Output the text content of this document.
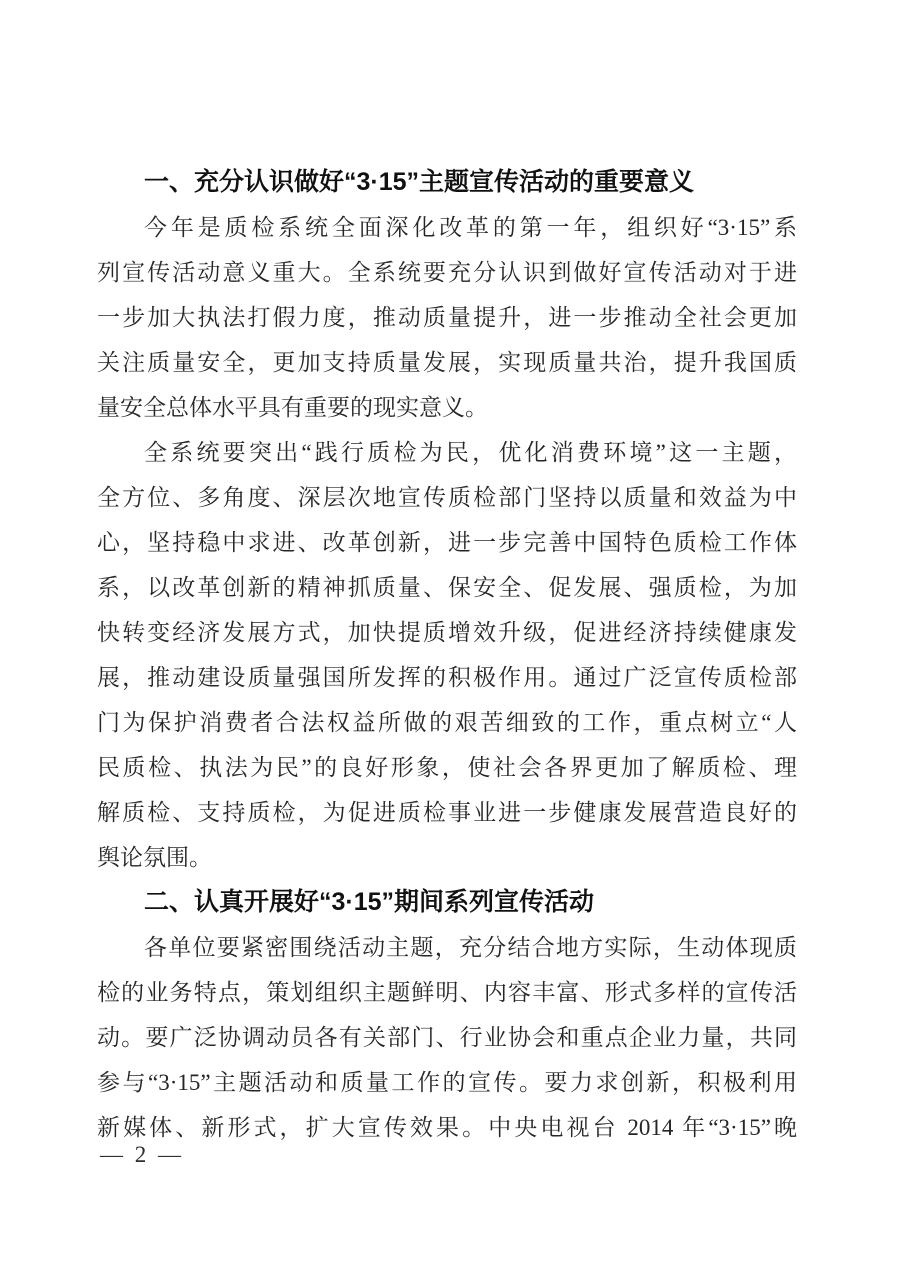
一、充分认识做好“3·15”主题宣传活动的重要意义
今年是质检系统全面深化改革的第一年，组织好“3·15”系
列宣传活动意义重大。全系统要充分认识到做好宣传活动对于进
一步加大执法打假力度，推动质量提升，进一步推动全社会更加
关注质量安全，更加支持质量发展，实现质量共治，提升我国质
量安全总体水平具有重要的现实意义。
全系统要突出“践行质检为民，优化消费环境”这一主题，
全方位、多角度、深层次地宣传质检部门坚持以质量和效益为中
心，坚持稳中求进、改革创新，进一步完善中国特色质检工作体
系，以改革创新的精神抓质量、保安全、促发展、强质检，为加
快转变经济发展方式，加快提质增效升级，促进经济持续健康发
展，推动建设质量强国所发挥的积极作用。通过广泛宣传质检部
门为保护消费者合法权益所做的艰苦细致的工作，重点树立“人
民质检、执法为民”的良好形象，使社会各界更加了解质检、理
解质检、支持质检，为促进质检事业进一步健康发展营造良好的
舆论氛围。
二、认真开展好“3·15”期间系列宣传活动
各单位要紧密围绕活动主题，充分结合地方实际，生动体现质
检的业务特点，策划组织主题鲜明、内容丰富、形式多样的宣传活
动。要广泛协调动员各有关部门、行业协会和重点企业力量，共同
参与“3·15”主题活动和质量工作的宣传。要力求创新，积极利用
新媒体、新形式，扩大宣传效果。中央电视台 2014 年“3·15”晚
— 2 —
